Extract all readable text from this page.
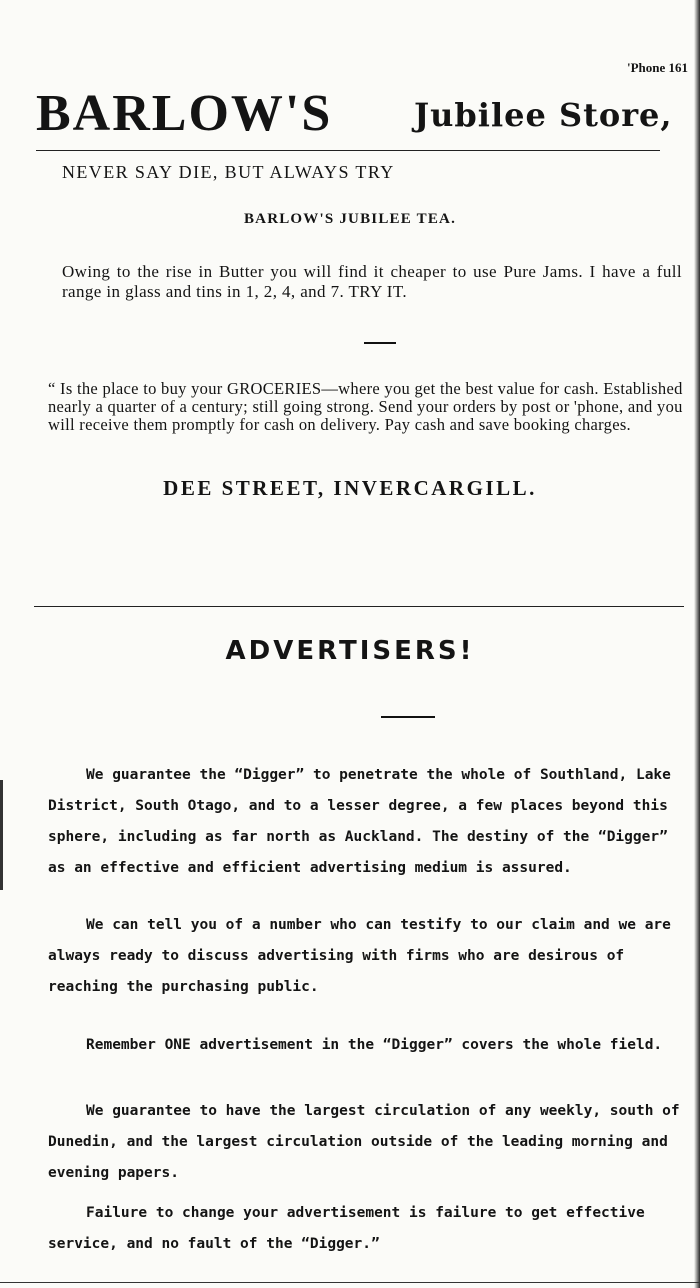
'Phone 161
BARLOW'S	Jubilee Store,
NEVER SAY DIE, BUT ALWAYS TRY
BARLOW'S JUBILEE TEA.
Owing to the rise in Butter you will find it cheaper to use Pure Jams. I have a full range in glass and tins in 1, 2, 4, and 7. TRY IT.
“ Is the place to buy your GROCERIES—where you get the best value for cash. Established nearly a quarter of a century; still going strong. Send your orders by post or 'phone, and you will receive them promptly for cash on delivery. Pay cash and save booking charges.
DEE STREET, INVERCARGILL.
ADVERTISERS!
We guarantee the “Digger” to penetrate the whole of Southland, Lake District, South Otago, and to a lesser degree, a few places beyond this sphere, including as far north as Auckland. The destiny of the “Digger” as an effective and efficient advertising medium is assured.
We can tell you of a number who can testify to our claim and we are always ready to discuss advertising with firms who are desirous of reaching the purchasing public.
Remember ONE advertisement in the “Digger” covers the whole field.
We guarantee to have the largest circulation of any weekly, south of Dunedin, and the largest circulation outside of the leading morning and evening papers.
Failure to change your advertisement is failure to get effective service, and no fault of the “Digger.”
